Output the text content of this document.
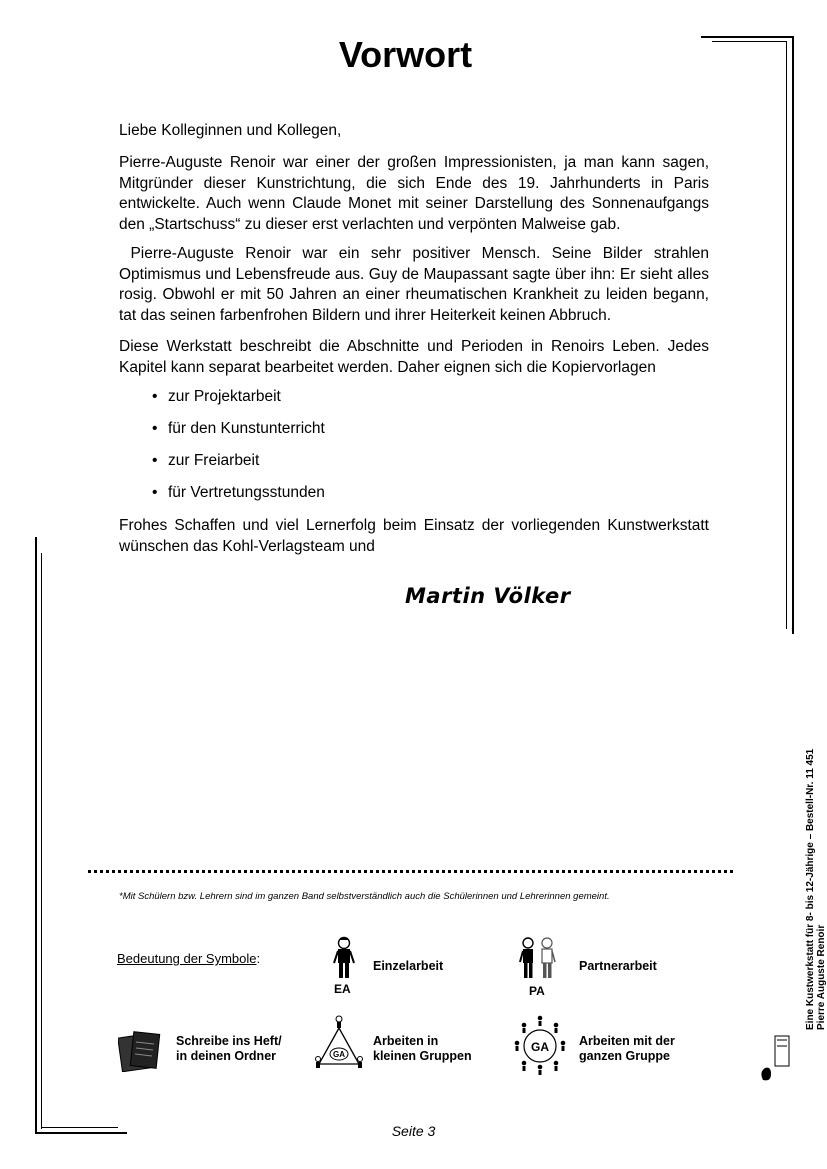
Vorwort
Liebe Kolleginnen und Kollegen,
Pierre-Auguste Renoir war einer der großen Impressionisten, ja man kann sagen, Mitgründer dieser Kunstrichtung, die sich Ende des 19. Jahrhunderts in Paris entwickelte. Auch wenn Claude Monet mit seiner Darstellung des Sonnenaufgangs den „Startschuss“ zu dieser erst verlachten und verpönten Malweise gab.
Pierre-Auguste Renoir war ein sehr positiver Mensch. Seine Bilder strahlen Optimismus und Lebensfreude aus. Guy de Maupassant sagte über ihn: Er sieht alles rosig. Obwohl er mit 50 Jahren an einer rheumatischen Krankheit zu leiden begann, tat das seinen farbenfrohen Bildern und ihrer Heiterkeit keinen Abbruch.
Diese Werkstatt beschreibt die Abschnitte und Perioden in Renoirs Leben. Jedes Kapitel kann separat bearbeitet werden. Daher eignen sich die Kopiervorlagen
• zur Projektarbeit
• für den Kunstunterricht
• zur Freiarbeit
• für Vertretungsstunden
Frohes Schaffen und viel Lernerfolg beim Einsatz der vorliegenden Kunstwerkstatt wünschen das Kohl-Verlagsteam und
Martin Völker
*Mit Schülern bzw. Lehrern sind im ganzen Band selbstverständlich auch die Schülerinnen und Lehrerinnen gemeint.
Bedeutung der Symbole:
EA
Einzelarbeit
PA
Partnerarbeit
Schreibe ins Heft/
in deinen Ordner	GA
Arbeiten in
kleinen Gruppen
GA Arbeiten mit der
ganzen Gruppe
Eine Kustwerkstatt für 8- bis 12-Jährige – Bestell-Nr. 11 451 Pierre Auguste Renoir
Seite 3
